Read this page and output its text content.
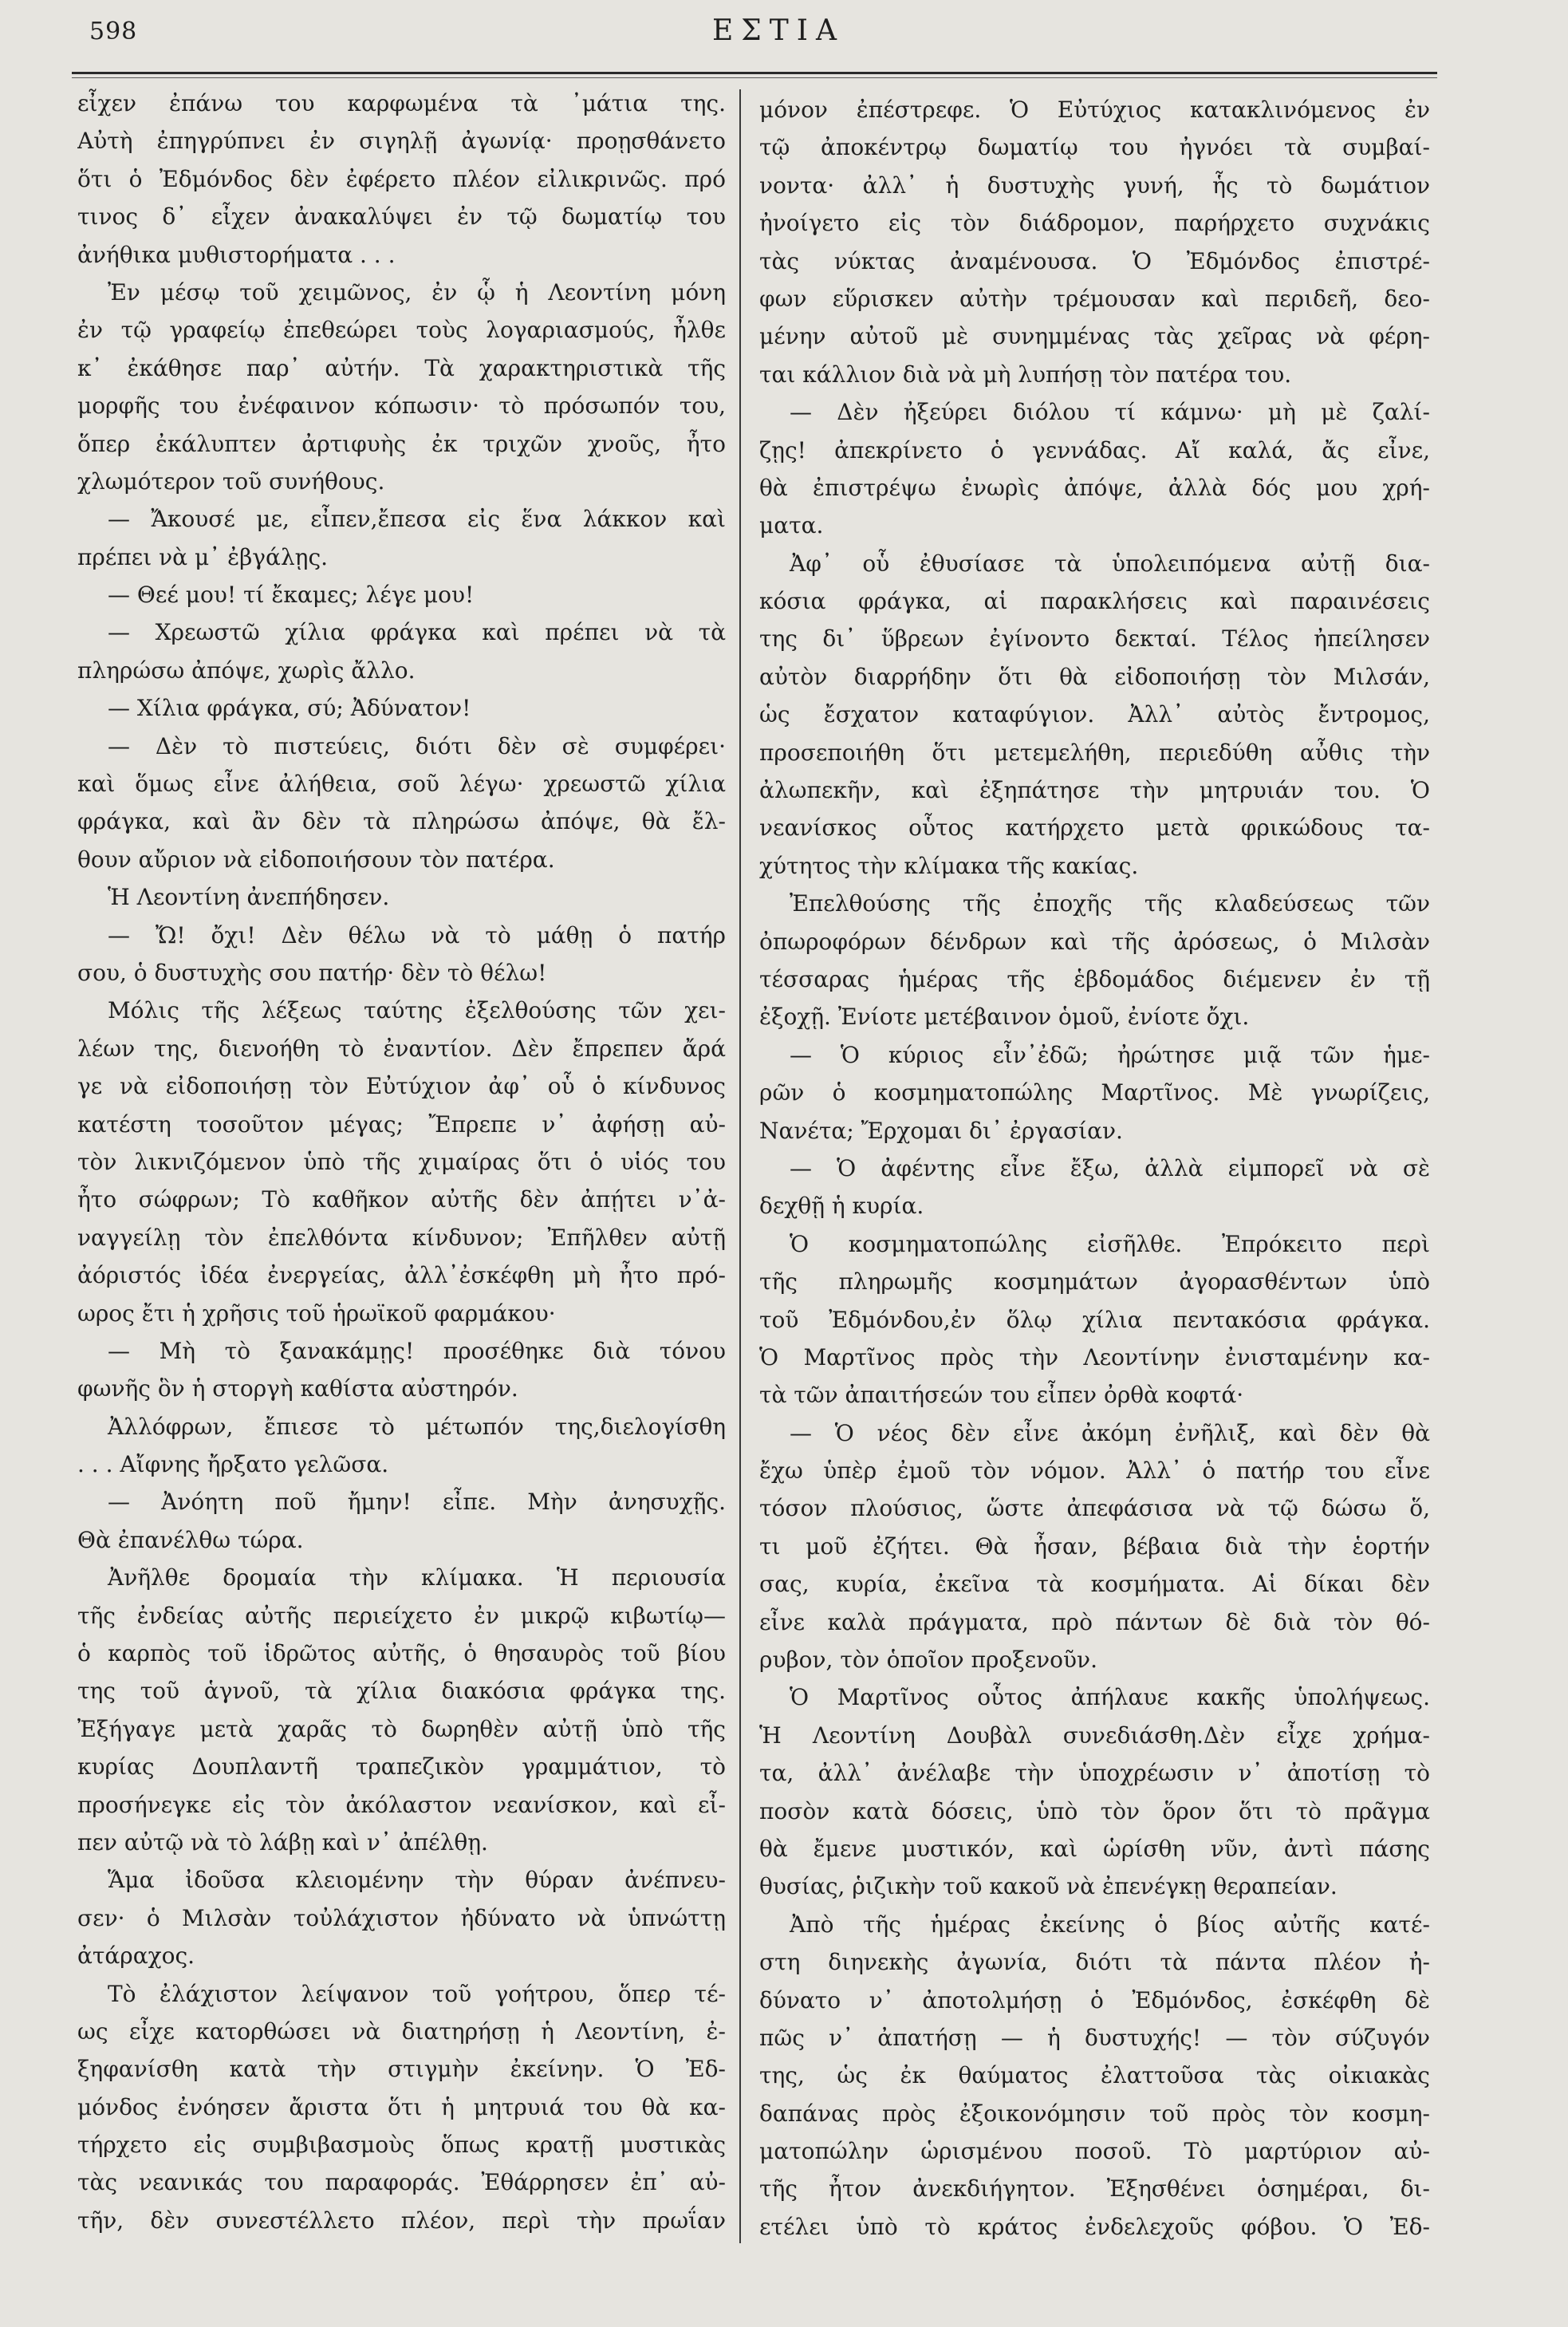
598	ΕΣΤΙΑ
εἶχεν ἐπάνω του καρφωμένα τὰ ᾽μάτια της.
Αὐτὴ ἐπηγρύπνει ἐν σιγηλῇ ἀγωνίᾳ· προῃσθάνετο
ὅτι ὁ Ἐδμόνδος δὲν ἐφέρετο πλέον εἰλικρινῶς. πρό
τινος δ᾽ εἶχεν ἀνακαλύψει ἐν τῷ δωματίῳ του
ἀνήθικα μυθιστορήματα . . .
Ἐν μέσῳ τοῦ χειμῶνος, ἐν ᾧ ἡ Λεοντίνη μόνη
ἐν τῷ γραφείῳ ἐπεθεώρει τοὺς λογαριασμούς, ἦλθε
κ᾽ ἐκάθησε παρ᾽ αὐτήν. Τὰ χαρακτηριστικὰ τῆς
μορφῆς του ἐνέφαινον κόπωσιν· τὸ πρόσωπόν του,
ὅπερ ἐκάλυπτεν ἀρτιφυὴς ἐκ τριχῶν χνοῦς, ἦτο
χλωμότερον τοῦ συνήθους.
— Ἄκουσέ με, εἶπεν,ἔπεσα εἰς ἕνα λάκκον καὶ
πρέπει νὰ μ᾽ ἐβγάλῃς.
— Θεέ μου! τί ἔκαμες; λέγε μου!
— Χρεωστῶ χίλια φράγκα καὶ πρέπει νὰ τὰ
πληρώσω ἀπόψε, χωρὶς ἄλλο.
— Χίλια φράγκα, σύ; Ἀδύνατον!
— Δὲν τὸ πιστεύεις, διότι δὲν σὲ συμφέρει·
καὶ ὅμως εἶνε ἀλήθεια, σοῦ λέγω· χρεωστῶ χίλια
φράγκα, καὶ ἂν δὲν τὰ πληρώσω ἀπόψε, θὰ ἔλ-
θουν αὔριον νὰ εἰδοποιήσουν τὸν πατέρα.
Ἡ Λεοντίνη ἀνεπήδησεν.
— Ὤ! ὄχι! Δὲν θέλω νὰ τὸ μάθῃ ὁ πατήρ
σου, ὁ δυστυχὴς σου πατήρ· δὲν τὸ θέλω!
Μόλις τῆς λέξεως ταύτης ἐξελθούσης τῶν χει-
λέων της, διενοήθη τὸ ἐναντίον. Δὲν ἔπρεπεν ἄρά
γε νὰ εἰδοποιήσῃ τὸν Εὐτύχιον ἀφ᾽ οὗ ὁ κίνδυνος
κατέστη τοσοῦτον μέγας; Ἔπρεπε ν᾽ ἀφήσῃ αὐ-
τὸν λικνιζόμενον ὑπὸ τῆς χιμαίρας ὅτι ὁ υἱός του
ἦτο σώφρων; Τὸ καθῆκον αὐτῆς δὲν ἀπῄτει ν᾽ἀ-
ναγγείλῃ τὸν ἐπελθόντα κίνδυνον; Ἐπῆλθεν αὐτῇ
ἀόριστός ἰδέα ἐνεργείας, ἀλλ᾽ἐσκέφθη μὴ ἦτο πρό-
ωρος ἔτι ἡ χρῆσις τοῦ ἡρωϊκοῦ φαρμάκου·
— Μὴ τὸ ξανακάμῃς! προσέθηκε διὰ τόνου
φωνῆς ὃν ἡ στοργὴ καθίστα αὐστηρόν.
Ἀλλόφρων, ἔπιεσε τὸ μέτωπόν της,διελογίσθη
. . . Αἴφνης ἤρξατο γελῶσα.
— Ἀνόητη ποῦ ἤμην! εἶπε. Μὴν ἀνησυχῇς.
Θὰ ἐπανέλθω τώρα.
Ἀνῆλθε δρομαία τὴν κλίμακα. Ἡ περιουσία
τῆς ἐνδείας αὐτῆς περιείχετο ἐν μικρῷ κιβωτίῳ—
ὁ καρπὸς τοῦ ἱδρῶτος αὐτῆς, ὁ θησαυρὸς τοῦ βίου
της τοῦ ἁγνοῦ, τὰ χίλια διακόσια φράγκα της.
Ἐξήγαγε μετὰ χαρᾶς τὸ δωρηθὲν αὐτῇ ὑπὸ τῆς
κυρίας Δουπλαντῆ τραπεζικὸν γραμμάτιον, τὸ
προσήνεγκε εἰς τὸν ἀκόλαστον νεανίσκον, καὶ εἶ-
πεν αὐτῷ νὰ τὸ λάβῃ καὶ ν᾽ ἀπέλθῃ.
Ἅμα ἰδοῦσα κλειομένην τὴν θύραν ἀνέπνευ-
σεν· ὁ Μιλσὰν τοὐλάχιστον ἠδύνατο νὰ ὑπνώττῃ
ἀτάραχος.
Τὸ ἐλάχιστον λείψανον τοῦ γοήτρου, ὅπερ τέ-
ως εἶχε κατορθώσει νὰ διατηρήσῃ ἡ Λεοντίνη, ἐ-
ξηφανίσθη κατὰ τὴν στιγμὴν ἐκείνην. Ὁ Ἐδ-
μόνδος ἐνόησεν ἄριστα ὅτι ἡ μητρυιά του θὰ κα-
τήρχετο εἰς συμβιβασμοὺς ὅπως κρατῇ μυστικὰς
τὰς νεανικάς του παραφοράς. Ἐθάρρησεν ἐπ᾽ αὐ-
τῆν, δὲν συνεστέλλετο πλέον, περὶ τὴν πρωΐαν
μόνον ἐπέστρεφε. Ὁ Εὐτύχιος κατακλινόμενος ἐν
τῷ ἀποκέντρῳ δωματίῳ του ἠγνόει τὰ συμβαί-
νοντα· ἀλλ᾽ ἡ δυστυχὴς γυνή, ἧς τὸ δωμάτιον
ἠνοίγετο εἰς τὸν διάδρομον, παρήρχετο συχνάκις
τὰς νύκτας ἀναμένουσα. Ὁ Ἐδμόνδος ἐπιστρέ-
φων εὕρισκεν αὐτὴν τρέμουσαν καὶ περιδεῆ, δεο-
μένην αὐτοῦ μὲ συνημμένας τὰς χεῖρας νὰ φέρη-
ται κάλλιον διὰ νὰ μὴ λυπήσῃ τὸν πατέρα του.
— Δὲν ἠξεύρει διόλου τί κάμνω· μὴ μὲ ζαλί-
ζῃς! ἀπεκρίνετο ὁ γεννάδας. Αἴ καλά, ἄς εἶνε,
θὰ ἐπιστρέψω ἐνωρὶς ἀπόψε, ἀλλὰ δός μου χρή-
ματα.
Ἀφ᾽ οὗ ἐθυσίασε τὰ ὑπολειπόμενα αὐτῇ δια-
κόσια φράγκα, αἱ παρακλήσεις καὶ παραινέσεις
της δι᾽ ὕβρεων ἐγίνοντο δεκταί. Τέλος ἠπείλησεν
αὐτὸν διαρρήδην ὅτι θὰ εἰδοποιήσῃ τὸν Μιλσάν,
ὡς ἔσχατον καταφύγιον. Ἀλλ᾽ αὐτὸς ἔντρομος,
προσεποιήθη ὅτι μετεμελήθη, περιεδύθη αὖθις τὴν
ἀλωπεκῆν, καὶ ἐξηπάτησε τὴν μητρυιάν του. Ὁ
νεανίσκος οὗτος κατήρχετο μετὰ φρικώδους τα-
χύτητος τὴν κλίμακα τῆς κακίας.
Ἐπελθούσης τῆς ἐποχῆς τῆς κλαδεύσεως τῶν
ὀπωροφόρων δένδρων καὶ τῆς ἀρόσεως, ὁ Μιλσὰν
τέσσαρας ἡμέρας τῆς ἑβδομάδος διέμενεν ἐν τῇ
ἐξοχῇ. Ἐνίοτε μετέβαινον ὁμοῦ, ἐνίοτε ὄχι.
— Ὁ κύριος εἶν᾽ἐδῶ; ἠρώτησε μιᾷ τῶν ἡμε-
ρῶν ὁ κοσμηματοπώλης Μαρτῖνος. Μὲ γνωρίζεις,
Νανέτα; Ἔρχομαι δι᾽ ἐργασίαν.
— Ὁ ἀφέντης εἶνε ἔξω, ἀλλὰ εἰμπορεῖ νὰ σὲ
δεχθῇ ἡ κυρία.
Ὁ κοσμηματοπώλης εἰσῆλθε. Ἐπρόκειτο περὶ
τῆς πληρωμῆς κοσμημάτων ἀγορασθέντων ὑπὸ
τοῦ Ἐδμόνδου,ἐν ὅλῳ χίλια πεντακόσια φράγκα.
Ὁ Μαρτῖνος πρὸς τὴν Λεοντίνην ἐνισταμένην κα-
τὰ τῶν ἀπαιτήσεών του εἶπεν ὀρθὰ κοφτά·
— Ὁ νέος δὲν εἶνε ἀκόμη ἐνῆλιξ, καὶ δὲν θὰ
ἔχω ὑπὲρ ἐμοῦ τὸν νόμον. Ἀλλ᾽ ὁ πατήρ του εἶνε
τόσον πλούσιος, ὥστε ἀπεφάσισα νὰ τῷ δώσω ὅ,
τι μοῦ ἐζήτει. Θὰ ἦσαν, βέβαια διὰ τὴν ἑορτήν
σας, κυρία, ἐκεῖνα τὰ κοσμήματα. Αἱ δίκαι δὲν
εἶνε καλὰ πράγματα, πρὸ πάντων δὲ διὰ τὸν θό-
ρυβον, τὸν ὁποῖον προξενοῦν.
Ὁ Μαρτῖνος οὗτος ἀπήλαυε κακῆς ὑπολήψεως.
Ἡ Λεοντίνη Δουβὰλ συνεδιάσθη.Δὲν εἶχε χρήμα-
τα, ἀλλ᾽ ἀνέλαβε τὴν ὑποχρέωσιν ν᾽ ἀποτίσῃ τὸ
ποσὸν κατὰ δόσεις, ὑπὸ τὸν ὅρον ὅτι τὸ πρᾶγμα
θὰ ἔμενε μυστικόν, καὶ ὡρίσθη νῦν, ἀντὶ πάσης
θυσίας, ῥιζικὴν τοῦ κακοῦ νὰ ἐπενέγκῃ θεραπείαν.
Ἀπὸ τῆς ἡμέρας ἐκείνης ὁ βίος αὐτῆς κατέ-
στη διηνεκὴς ἀγωνία, διότι τὰ πάντα πλέον ἠ-
δύνατο ν᾽ ἀποτολμήσῃ ὁ Ἐδμόνδος, ἐσκέφθη δὲ
πῶς ν᾽ ἀπατήσῃ — ἡ δυστυχής! — τὸν σύζυγόν
της, ὡς ἐκ θαύματος ἐλαττοῦσα τὰς οἰκιακὰς
δαπάνας πρὸς ἐξοικονόμησιν τοῦ πρὸς τὸν κοσμη-
ματοπώλην ὡρισμένου ποσοῦ. Τὸ μαρτύριον αὐ-
τῆς ἦτον ἀνεκδιήγητον. Ἐξησθένει ὁσημέραι, δι-
ετέλει ὑπὸ τὸ κράτος ἐνδελεχοῦς φόβου. Ὁ Ἐδ-
